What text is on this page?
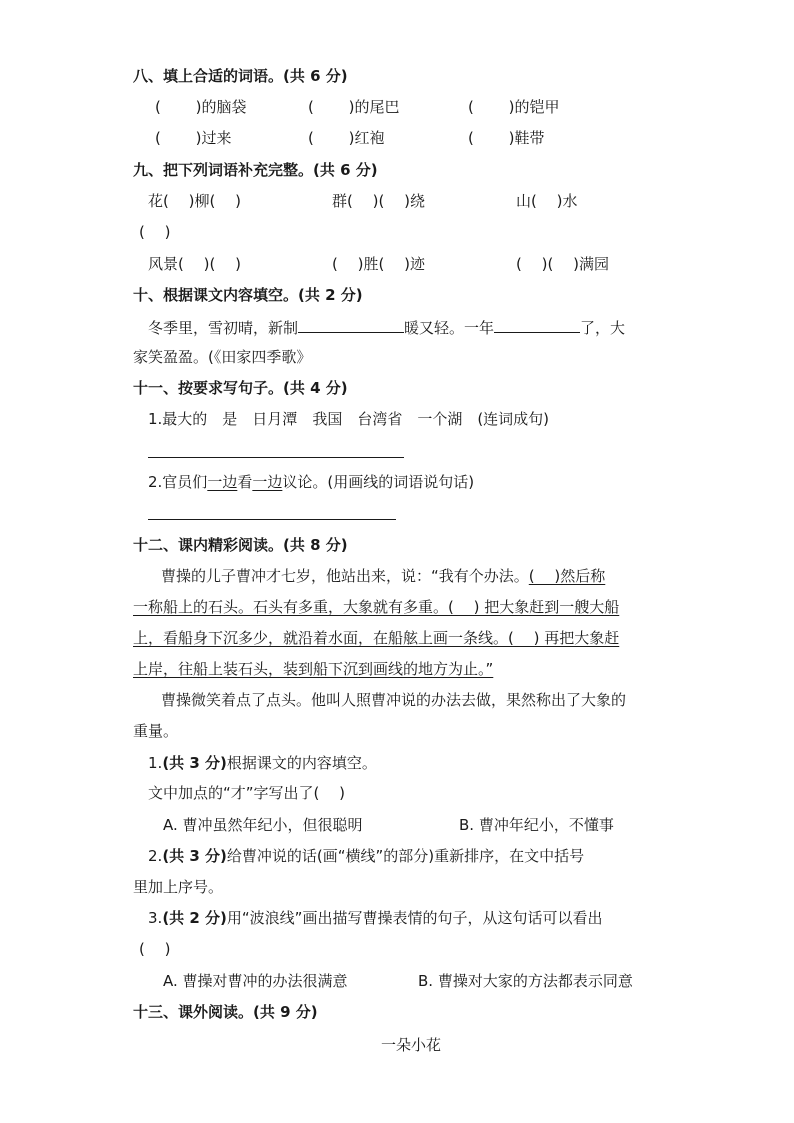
八、填上合适的词语。(共 6 分)
(　　 )的脑袋	(　　 )的尾巴	(　　 )的铠甲
(　　 )过来	(　　 )红袍	(　　 )鞋带
九、把下列词语补充完整。(共 6 分)
花(　 )柳(　 )	群(　 )(　 )绕	山(　 )水
(　 )
风景(　 )(　 )	(　 )胜(　 )迹	(　 )(　 )满园
十、根据课文内容填空。(共 2 分)
冬季里，雪初晴，新制	暖又轻。一年	了，大
家笑盈盈。(《田家四季歌》
十一、按要求写句子。(共 4 分)
1.最大的　是　日月潭　我国　台湾省　一个湖　(连词成句)
2.官员们一边看一边议论。(用画线的词语说句话)
十二、课内精彩阅读。(共 8 分)
曹操的儿子曹冲才七岁，他站出来，说：“我有个办法。(　 )然后称
一称船上的石头。石头有多重，大象就有多重。(　 ) 把大象赶到一艘大船
上，看船身下沉多少，就沿着水面，在船舷上画一条线。(　 ) 再把大象赶
上岸，往船上装石头，装到船下沉到画线的地方为止。”
曹操微笑着点了点头。他叫人照曹冲说的办法去做，果然称出了大象的
重量。
1.(共 3 分)根据课文的内容填空。
文中加点的“才”字写出了(　 )
A. 曹冲虽然年纪小，但很聪明	B. 曹冲年纪小，不懂事
2.(共 3 分)给曹冲说的话(画“横线”的部分)重新排序，在文中括号
里加上序号。
3.(共 2 分)用“波浪线”画出描写曹操表情的句子，从这句话可以看出
(　 )
A. 曹操对曹冲的办法很满意	B. 曹操对大家的方法都表示同意
十三、课外阅读。(共 9 分)
一朵小花
